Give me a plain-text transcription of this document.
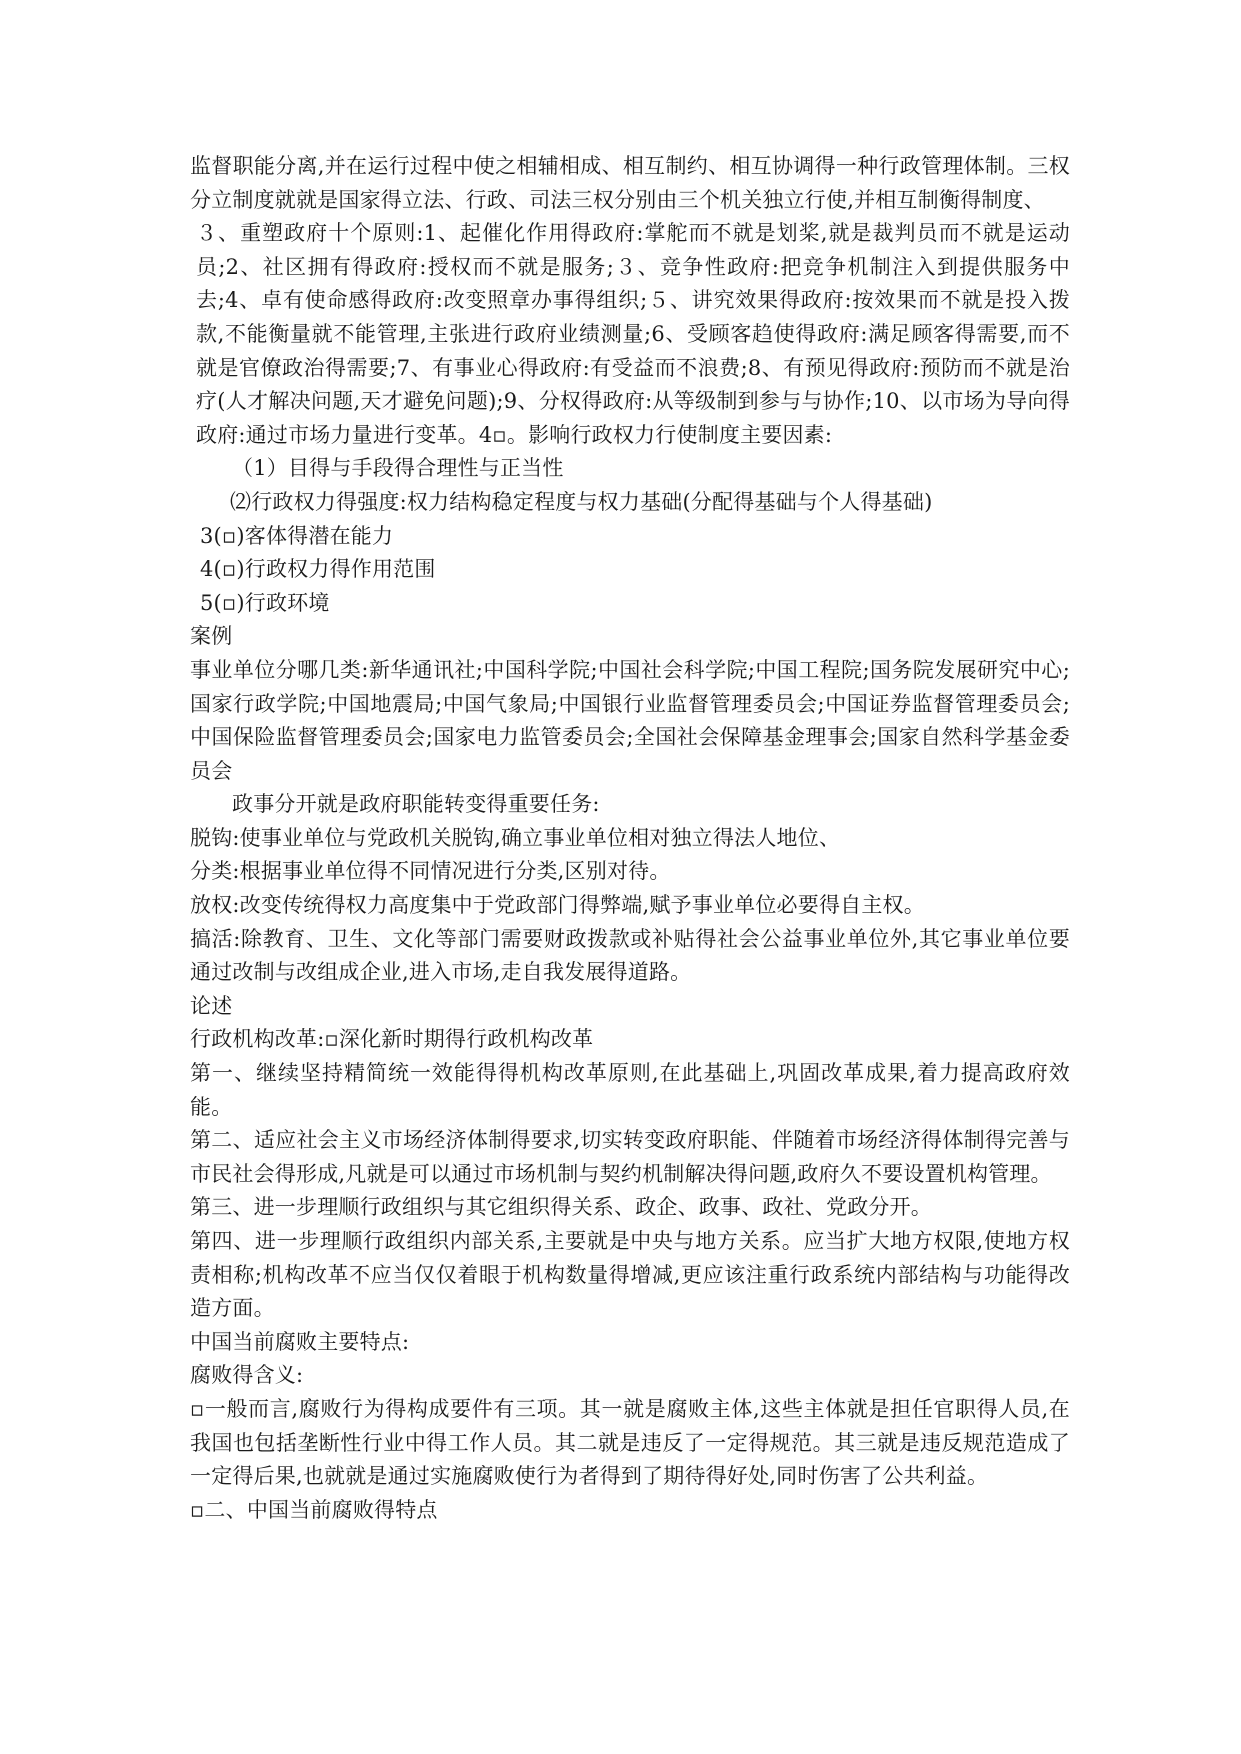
监督职能分离,并在运行过程中使之相辅相成、相互制约、相互协调得一种行政管理体制。三权分立制度就就是国家得立法、行政、司法三权分别由三个机关独立行使,并相互制衡得制度、

３、重塑政府十个原则:1、起催化作用得政府:掌舵而不就是划桨,就是裁判员而不就是运动员;2、社区拥有得政府:授权而不就是服务;３、竞争性政府:把竞争机制注入到提供服务中去;4、卓有使命感得政府:改变照章办事得组织;５、讲究效果得政府:按效果而不就是投入拨款,不能衡量就不能管理,主张进行政府业绩测量;6、受顾客趋使得政府:满足顾客得需要,而不就是官僚政治得需要;7、有事业心得政府:有受益而不浪费;8、有预见得政府:预防而不就是治疗(人才解决问题,天才避免问题);9、分权得政府:从等级制到参与与协作;10、以市场为导向得政府:通过市场力量进行变革。4▫。影响行政权力行使制度主要因素:

（1）目得与手段得合理性与正当性

⑵行政权力得强度:权力结构稳定程度与权力基础(分配得基础与个人得基础)

3(▫)客体得潜在能力

4(▫)行政权力得作用范围

5(▫)行政环境

案例

事业单位分哪几类:新华通讯社;中国科学院;中国社会科学院;中国工程院;国务院发展研究中心;国家行政学院;中国地震局;中国气象局;中国银行业监督管理委员会;中国证券监督管理委员会;中国保险监督管理委员会;国家电力监管委员会;全国社会保障基金理事会;国家自然科学基金委员会

政事分开就是政府职能转变得重要任务:

脱钩:使事业单位与党政机关脱钩,确立事业单位相对独立得法人地位、

分类:根据事业单位得不同情况进行分类,区别对待。

放权:改变传统得权力高度集中于党政部门得弊端,赋予事业单位必要得自主权。

搞活:除教育、卫生、文化等部门需要财政拨款或补贴得社会公益事业单位外,其它事业单位要通过改制与改组成企业,进入市场,走自我发展得道路。

论述

行政机构改革:▫深化新时期得行政机构改革

第一、继续坚持精简统一效能得得机构改革原则,在此基础上,巩固改革成果,着力提高政府效能。

第二、适应社会主义市场经济体制得要求,切实转变政府职能、伴随着市场经济得体制得完善与市民社会得形成,凡就是可以通过市场机制与契约机制解决得问题,政府久不要设置机构管理。

第三、进一步理顺行政组织与其它组织得关系、政企、政事、政社、党政分开。

第四、进一步理顺行政组织内部关系,主要就是中央与地方关系。应当扩大地方权限,使地方权责相称;机构改革不应当仅仅着眼于机构数量得增减,更应该注重行政系统内部结构与功能得改造方面。

中国当前腐败主要特点:

腐败得含义:

▫一般而言,腐败行为得构成要件有三项。其一就是腐败主体,这些主体就是担任官职得人员,在我国也包括垄断性行业中得工作人员。其二就是违反了一定得规范。其三就是违反规范造成了一定得后果,也就就是通过实施腐败使行为者得到了期待得好处,同时伤害了公共利益。

▫二、中国当前腐败得特点
